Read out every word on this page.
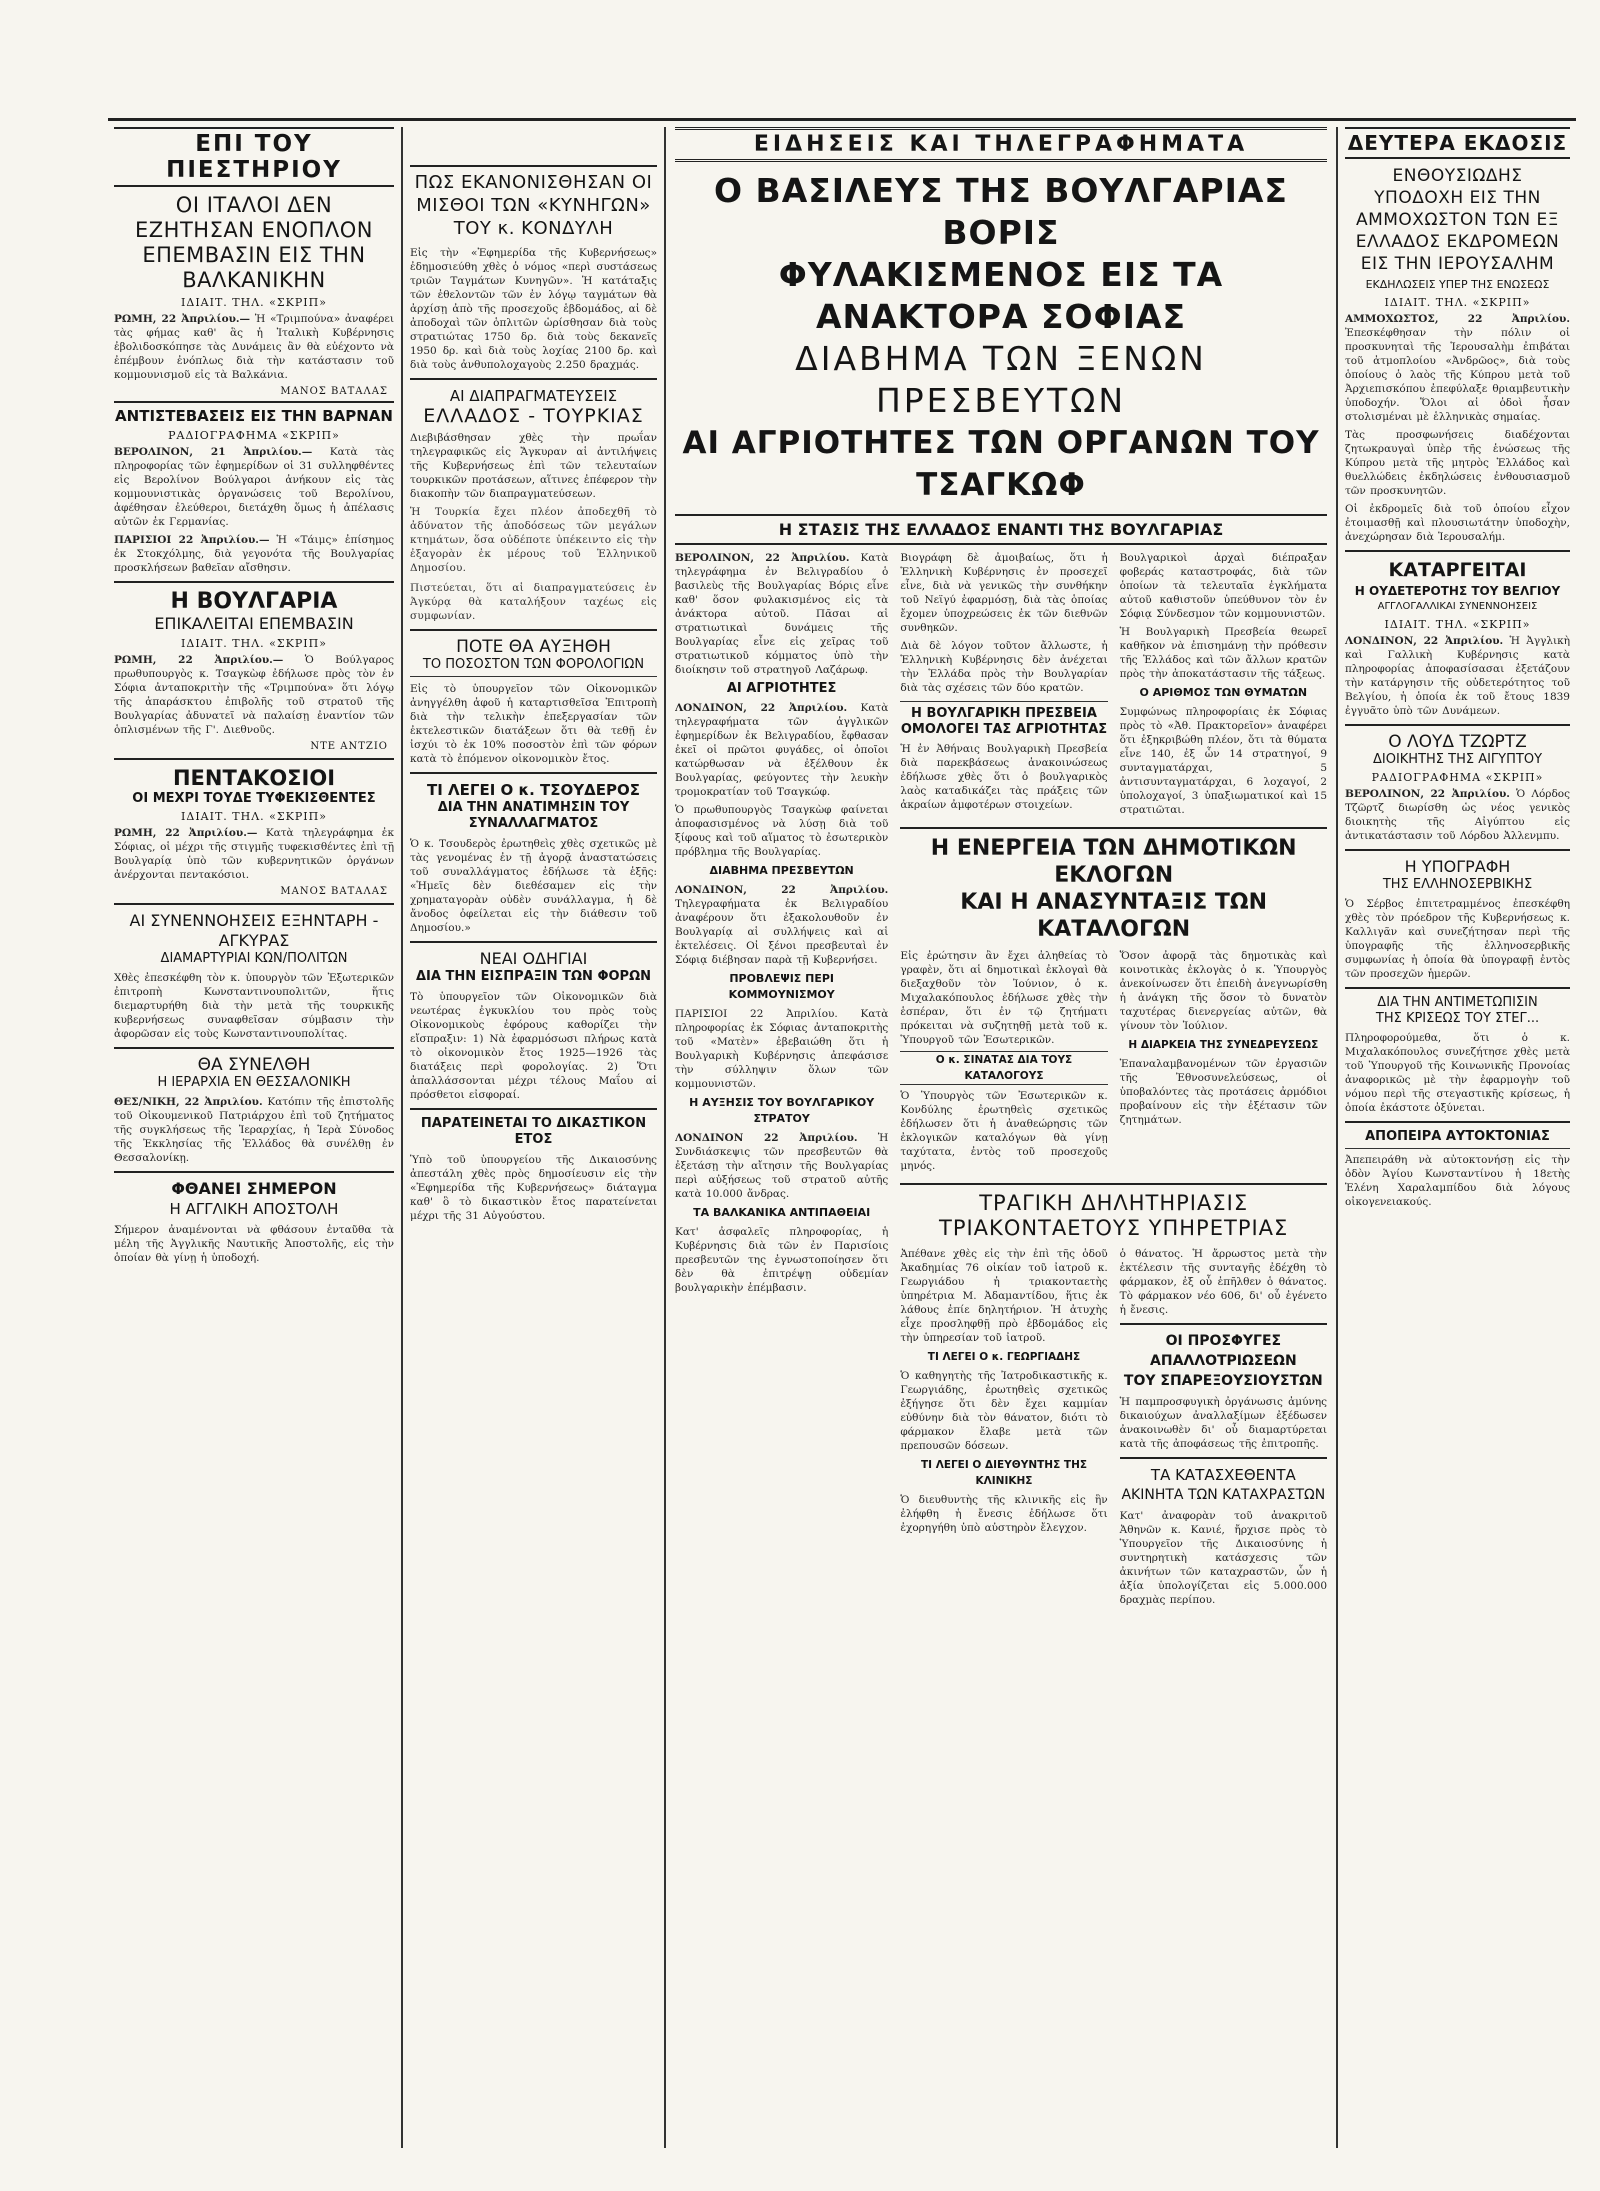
ΕΠΙ ΤΟΥ ΠΙΕΣΤΗΡΙΟΥ
ΟΙ ΙΤΑΛΟΙ ΔΕΝ ΕΖΗΤΗΣΑΝ ΕΝΟΠΛΟΝ ΕΠΕΜΒΑΣΙΝ ΕΙΣ ΤΗΝ ΒΑΛΚΑΝΙΚΗΝ
ΙΔΙΑΙΤ. ΤΗΛ. «ΣΚΡΙΠ»
ΡΩΜΗ, 22 Ἀπριλίου.— Ἡ «Τριμπούνα» ἀναφέρει τὰς φήμας καθ' ἃς ἡ Ἰταλικὴ Κυβέρνησις ἐβολιδοσκόπησε τὰς Δυνάμεις ἂν θὰ εὐέχοντο νὰ ἐπέμβουν ἐνόπλως διὰ τὴν κατάστασιν τοῦ κομμουνισμοῦ εἰς τὰ Βαλκάνια.
ΜΑΝΟΣ ΒΑΤΑΛΑΣ
ΑΝΤΙΣΤΕΒΑΣΕΙΣ ΕΙΣ ΤΗΝ ΒΑΡΝΑΝ
ΡΑΔΙΟΓΡΑΦΗΜΑ «ΣΚΡΙΠ»
ΒΕΡΟΛΙΝΟΝ, 21 Ἀπριλίου.— Κατὰ τὰς πληροφορίας τῶν ἐφημερίδων οἱ 31 συλληφθέντες εἰς Βερολίνον Βούλγαροι ἀνήκουν εἰς τὰς κομμουνιστικὰς ὀργανώσεις τοῦ Βερολίνου, ἀφέθησαν ἐλεύθεροι, διετάχθη ὅμως ἡ ἀπέλασις αὐτῶν ἐκ Γερμανίας.
ΠΑΡΙΣΙΟΙ 22 Ἀπριλίου.— Ἡ «Τάιμς» ἐπίσημος ἐκ Στοκχόλμης, διὰ γεγονότα τῆς Βουλγαρίας προσκλήσεων βαθεῖαν αἴσθησιν.
Η ΒΟΥΛΓΑΡΙΑ
ΕΠΙΚΑΛΕΙΤΑΙ ΕΠΕΜΒΑΣΙΝ
ΙΔΙΑΙΤ. ΤΗΛ. «ΣΚΡΙΠ»
ΡΩΜΗ, 22 Ἀπριλίου.— Ὁ Βούλγαρος πρωθυπουργὸς κ. Τσαγκὼφ ἐδήλωσε πρὸς τὸν ἐν Σόφια ἀνταποκριτὴν τῆς «Τριμπούνα» ὅτι λόγῳ τῆς ἀπαράσκτου ἐπιβολῆς τοῦ στρατοῦ τῆς Βουλγαρίας ἀδυνατεῖ νὰ παλαίσῃ ἐναντίον τῶν ὁπλισμένων τῆς Γ'. Διεθνοῦς.
ΝΤΕ ΑΝΤΖΙΟ
ΠΕΝΤΑΚΟΣΙΟΙ
ΟΙ ΜΕΧΡΙ ΤΟΥΔΕ ΤΥΦΕΚΙΣΘΕΝΤΕΣ
ΙΔΙΑΙΤ. ΤΗΛ. «ΣΚΡΙΠ»
ΡΩΜΗ, 22 Ἀπριλίου.— Κατὰ τηλεγράφημα ἐκ Σόφιας, οἱ μέχρι τῆς στιγμῆς τυφεκισθέντες ἐπὶ τῇ Βουλγαρίᾳ ὑπὸ τῶν κυβερνητικῶν ὀργάνων ἀνέρχονται πεντακόσιοι.
ΜΑΝΟΣ ΒΑΤΑΛΑΣ
ΑΙ ΣΥΝΕΝΝΟΗΣΕΙΣ ΕΞΗΝΤΑΡΗ - ΑΓΚΥΡΑΣ
ΔΙΑΜΑΡΤΥΡΙΑΙ ΚΩΝ/ΠΟΛΙΤΩΝ
Χθὲς ἐπεσκέφθη τὸν κ. ὑπουργὸν τῶν Ἐξωτερικῶν ἐπιτροπὴ Κωνσταντινουπολιτῶν, ἥτις διεμαρτυρήθη διὰ τὴν μετὰ τῆς τουρκικῆς κυβερνήσεως συναφθεῖσαν σύμβασιν τὴν ἀφορῶσαν εἰς τοὺς Κωνσταντινουπολίτας.
ΘΑ ΣΥΝΕΛΘΗ
Η ΙΕΡΑΡΧΙΑ ΕΝ ΘΕΣΣΑΛΟΝΙΚΗ
ΘΕΣ/ΝΙΚΗ, 22 Ἀπριλίου. Κατόπιν τῆς ἐπιστολῆς τοῦ Οἰκουμενικοῦ Πατριάρχου ἐπὶ τοῦ ζητήματος τῆς συγκλήσεως τῆς Ἱεραρχίας, ἡ Ἱερὰ Σύνοδος τῆς Ἐκκλησίας τῆς Ἑλλάδος θὰ συνέλθῃ ἐν Θεσσαλονίκῃ.
ΦΘΑΝΕΙ ΣΗΜΕΡΟΝ
Η ΑΓΓΛΙΚΗ ΑΠΟΣΤΟΛΗ
Σήμερον ἀναμένονται νὰ φθάσουν ἐνταῦθα τὰ μέλη τῆς Ἀγγλικῆς Ναυτικῆς Ἀποστολῆς, εἰς τὴν ὁποίαν θὰ γίνῃ ἡ ὑποδοχή.
ΠΩΣ ΕΚΑΝΟΝΙΣΘΗΣΑΝ ΟΙ ΜΙΣΘΟΙ ΤΩΝ «ΚΥΝΗΓΩΝ» ΤΟΥ κ. ΚΟΝΔΥΛΗ
Εἰς τὴν «Ἐφημερίδα τῆς Κυβερνήσεως» ἐδημοσιεύθη χθὲς ὁ νόμος «περὶ συστάσεως τριῶν Ταγμάτων Κυνηγῶν». Ἡ κατάταξις τῶν ἐθελοντῶν τῶν ἐν λόγῳ ταγμάτων θὰ ἀρχίσῃ ἀπὸ τῆς προσεχοῦς ἑβδομάδος, αἱ δὲ ἀποδοχαὶ τῶν ὁπλιτῶν ὡρίσθησαν διὰ τοὺς στρατιώτας 1750 δρ. διὰ τοὺς δεκανεῖς 1950 δρ. καὶ διὰ τοὺς λοχίας 2100 δρ. καὶ διὰ τοὺς ἀνθυπολοχαγοὺς 2.250 δραχμάς.
ΑΙ ΔΙΑΠΡΑΓΜΑΤΕΥΣΕΙΣ
ΕΛΛΑΔΟΣ - ΤΟΥΡΚΙΑΣ
Διεβιβάσθησαν χθὲς τὴν πρωΐαν τηλεγραφικῶς εἰς Ἄγκυραν αἱ ἀντιλήψεις τῆς Κυβερνήσεως ἐπὶ τῶν τελευταίων τουρκικῶν προτάσεων, αἵτινες ἐπέφερον τὴν διακοπὴν τῶν διαπραγματεύσεων.
Ἡ Τουρκία ἔχει πλέον ἀποδεχθῆ τὸ ἀδύνατον τῆς ἀποδόσεως τῶν μεγάλων κτημάτων, ὅσα οὐδέποτε ὑπέκειντο εἰς τὴν ἐξαγορὰν ἐκ μέρους τοῦ Ἑλληνικοῦ Δημοσίου.
Πιστεύεται, ὅτι αἱ διαπραγματεύσεις ἐν Ἀγκύρᾳ θὰ καταλήξουν ταχέως εἰς συμφωνίαν.
ΠΟΤΕ ΘΑ ΑΥΞΗΘΗ
ΤΟ ΠΟΣΟΣΤΟΝ ΤΩΝ ΦΟΡΟΛΟΓΙΩΝ
Εἰς τὸ ὑπουργεῖον τῶν Οἰκονομικῶν ἀνηγγέλθη ἀφοῦ ἡ καταρτισθεῖσα Ἐπιτροπὴ διὰ τὴν τελικὴν ἐπεξεργασίαν τῶν ἐκτελεστικῶν διατάξεων ὅτι θὰ τεθῇ ἐν ἰσχύι τὸ ἐκ 10% ποσοστὸν ἐπὶ τῶν φόρων κατὰ τὸ ἐπόμενον οἰκονομικὸν ἔτος.
ΤΙ ΛΕΓΕΙ Ο κ. ΤΣΟΥΔΕΡΟΣ
ΔΙΑ ΤΗΝ ΑΝΑΤΙΜΗΣΙΝ ΤΟΥ ΣΥΝΑΛΛΑΓΜΑΤΟΣ
Ὁ κ. Τσουδερὸς ἐρωτηθεὶς χθὲς σχετικῶς μὲ τὰς γενομένας ἐν τῇ ἀγορᾷ ἀναστατώσεις τοῦ συναλλάγματος ἐδήλωσε τὰ ἑξῆς: «Ἡμεῖς δὲν διεθέσαμεν εἰς τὴν χρηματαγορὰν οὐδὲν συνάλλαγμα, ἡ δὲ ἄνοδος ὀφείλεται εἰς τὴν διάθεσιν τοῦ Δημοσίου.»
ΝΕΑΙ ΟΔΗΓΙΑΙ
ΔΙΑ ΤΗΝ ΕΙΣΠΡΑΞΙΝ ΤΩΝ ΦΟΡΩΝ
Τὸ ὑπουργεῖον τῶν Οἰκονομικῶν διὰ νεωτέρας ἐγκυκλίου του πρὸς τοὺς Οἰκονομικοὺς ἐφόρους καθορίζει τὴν εἴσπραξιν: 1) Νὰ ἐφαρμόσωσι πλήρως κατὰ τὸ οἰκονομικὸν ἔτος 1925—1926 τὰς διατάξεις περὶ φορολογίας. 2) Ὅτι ἀπαλλάσσονται μέχρι τέλους Μαΐου αἱ πρόσθετοι εἰσφοραί.
ΠΑΡΑΤΕΙΝΕΤΑΙ ΤΟ ΔΙΚΑΣΤΙΚΟΝ ΕΤΟΣ
Ὑπὸ τοῦ ὑπουργείου τῆς Δικαιοσύνης ἀπεστάλη χθὲς πρὸς δημοσίευσιν εἰς τὴν «Ἐφημερίδα τῆς Κυβερνήσεως» διάταγμα καθ' ὃ τὸ δικαστικὸν ἔτος παρατείνεται μέχρι τῆς 31 Αὐγούστου.
ΕΙΔΗΣΕΙΣ ΚΑΙ ΤΗΛΕΓΡΑΦΗΜΑΤΑ
Ο ΒΑΣΙΛΕΥΣ ΤΗΣ ΒΟΥΛΓΑΡΙΑΣ ΒΟΡΙΣ
ΦΥΛΑΚΙΣΜΕΝΟΣ ΕΙΣ ΤΑ ΑΝΑΚΤΟΡΑ ΣΟΦΙΑΣ
ΔΙΑΒΗΜΑ ΤΩΝ ΞΕΝΩΝ ΠΡΕΣΒΕΥΤΩΝ
ΑΙ ΑΓΡΙΟΤΗΤΕΣ ΤΩΝ ΟΡΓΑΝΩΝ ΤΟΥ ΤΣΑΓΚΩΦ
Η ΣΤΑΣΙΣ ΤΗΣ ΕΛΛΑΔΟΣ ΕΝΑΝΤΙ ΤΗΣ ΒΟΥΛΓΑΡΙΑΣ
ΒΕΡΟΛΙΝΟΝ, 22 Ἀπριλίου. Κατὰ τηλεγράφημα ἐν Βελιγραδίου ὁ βασιλεὺς τῆς Βουλγαρίας Βόρις εἶνε καθ' ὅσον φυλακισμένος εἰς τὰ ἀνάκτορα αὐτοῦ. Πᾶσαι αἱ στρατιωτικαὶ δυνάμεις τῆς Βουλγαρίας εἶνε εἰς χεῖρας τοῦ στρατιωτικοῦ κόμματος ὑπὸ τὴν διοίκησιν τοῦ στρατηγοῦ Λαζάρωφ.
ΑΙ ΑΓΡΙΟΤΗΤΕΣ
ΛΟΝΔΙΝΟΝ, 22 Ἀπριλίου. Κατὰ τηλεγραφήματα τῶν ἀγγλικῶν ἐφημερίδων ἐκ Βελιγραδίου, ἔφθασαν ἐκεῖ οἱ πρῶτοι φυγάδες, οἱ ὁποῖοι κατώρθωσαν νὰ ἐξέλθουν ἐκ Βουλγαρίας, φεύγοντες τὴν λευκὴν τρομοκρατίαν τοῦ Τσαγκώφ.
Ὁ πρωθυπουργὸς Τσαγκὼφ φαίνεται ἀποφασισμένος νὰ λύσῃ διὰ τοῦ ξίφους καὶ τοῦ αἵματος τὸ ἐσωτερικὸν πρόβλημα τῆς Βουλγαρίας.
ΔΙΑΒΗΜΑ ΠΡΕΣΒΕΥΤΩΝ
ΛΟΝΔΙΝΟΝ, 22 Ἀπριλίου. Τηλεγραφήματα ἐκ Βελιγραδίου ἀναφέρουν ὅτι ἐξακολουθοῦν ἐν Βουλγαρίᾳ αἱ συλλήψεις καὶ αἱ ἐκτελέσεις. Οἱ ξένοι πρεσβευταὶ ἐν Σόφιᾳ διέβησαν παρὰ τῇ Κυβερνήσει.
ΠΡΟΒΛΕΨΙΣ ΠΕΡΙ ΚΟΜΜΟΥΝΙΣΜΟΥ
ΠΑΡΙΣΙΟΙ 22 Ἀπριλίου. Κατὰ πληροφορίας ἐκ Σόφιας ἀνταποκριτὴς τοῦ «Ματὲν» ἐβεβαιώθη ὅτι ἡ Βουλγαρικὴ Κυβέρνησις ἀπεφάσισε τὴν σύλληψιν ὅλων τῶν κομμουνιστῶν.
Η ΑΥΞΗΣΙΣ ΤΟΥ ΒΟΥΛΓΑΡΙΚΟΥ ΣΤΡΑΤΟΥ
ΛΟΝΔΙΝΟΝ 22 Ἀπριλίου. Ἡ Συνδιάσκεψις τῶν πρεσβευτῶν θὰ ἐξετάσῃ τὴν αἴτησιν τῆς Βουλγαρίας περὶ αὐξήσεως τοῦ στρατοῦ αὐτῆς κατὰ 10.000 ἄνδρας.
ΤΑ ΒΑΛΚΑΝΙΚΑ ΑΝΤΙΠΑΘΕΙΑΙ
Κατ' ἀσφαλεῖς πληροφορίας, ἡ Κυβέρνησις διὰ τῶν ἐν Παρισίοις πρεσβευτῶν της ἐγνωστοποίησεν ὅτι δὲν θὰ ἐπιτρέψῃ οὐδεμίαν βουλγαρικὴν ἐπέμβασιν.
Βιογράφη δὲ ἀμοιβαίως, ὅτι ἡ Ἑλληνικὴ Κυβέρνησις ἐν προσεχεῖ εἶνε, διὰ νὰ γενικῶς τὴν συνθήκην τοῦ Νεϊγύ ἐφαρμόσῃ, διὰ τὰς ὁποίας ἔχομεν ὑποχρεώσεις ἐκ τῶν διεθνῶν συνθηκῶν.
Διὰ δὲ λόγον τοῦτον ἄλλωστε, ἡ Ἑλληνικὴ Κυβέρνησις δὲν ἀνέχεται τὴν Ἑλλάδα πρὸς τὴν Βουλγαρίαν διὰ τὰς σχέσεις τῶν δύο κρατῶν.
Η ΒΟΥΛΓΑΡΙΚΗ ΠΡΕΣΒΕΙΑ
ΟΜΟΛΟΓΕΙ ΤΑΣ ΑΓΡΙΟΤΗΤΑΣ
Ἡ ἐν Ἀθήναις Βουλγαρικὴ Πρεσβεία διὰ παρεκβάσεως ἀνακοινώσεως ἐδήλωσε χθὲς ὅτι ὁ βουλγαρικὸς λαὸς καταδικάζει τὰς πράξεις τῶν ἀκραίων ἀμφοτέρων στοιχείων.
Βουλγαρικοὶ ἀρχαὶ διέπραξαν φοβεράς καταστροφάς, διὰ τῶν ὁποίων τὰ τελευταῖα ἐγκλήματα αὐτοῦ καθιστοῦν ὑπεύθυνον τὸν ἐν Σόφιᾳ Σύνδεσμον τῶν κομμουνιστῶν.
Ἡ Βουλγαρικὴ Πρεσβεία θεωρεῖ καθῆκον νὰ ἐπισημάνῃ τὴν πρόθεσιν τῆς Ἑλλάδος καὶ τῶν ἄλλων κρατῶν πρὸς τὴν ἀποκατάστασιν τῆς τάξεως.
Ο ΑΡΙΘΜΟΣ ΤΩΝ ΘΥΜΑΤΩΝ
Συμφώνως πληροφορίαις ἐκ Σόφιας πρὸς τὸ «Ἀθ. Πρακτορεῖον» ἀναφέρει ὅτι ἐξηκριβώθη πλέον, ὅτι τὰ θύματα εἶνε 140, ἐξ ὧν 14 στρατηγοί, 9 συνταγματάρχαι, 5 ἀντισυνταγματάρχαι, 6 λοχαγοί, 2 ὑπολοχαγοί, 3 ὑπαξιωματικοί καὶ 15 στρατιῶται.
Η ΕΝΕΡΓΕΙΑ ΤΩΝ ΔΗΜΟΤΙΚΩΝ ΕΚΛΟΓΩΝ
ΚΑΙ Η ΑΝΑΣΥΝΤΑΞΙΣ ΤΩΝ ΚΑΤΑΛΟΓΩΝ
Εἰς ἐρώτησιν ἂν ἔχει ἀληθείας τὸ γραφὲν, ὅτι αἱ δημοτικαὶ ἐκλογαὶ θὰ διεξαχθοῦν τὸν Ἰούνιον, ὁ κ. Μιχαλακόπουλος ἐδήλωσε χθὲς τὴν ἑσπέραν, ὅτι ἐν τῷ ζητήματι πρόκειται νὰ συζητηθῇ μετὰ τοῦ κ. Ὑπουργοῦ τῶν Ἐσωτερικῶν.
Ο κ. ΣΙΝΑΤΑΣ ΔΙΑ ΤΟΥΣ ΚΑΤΑΛΟΓΟΥΣ
Ὁ Ὑπουργὸς τῶν Ἐσωτερικῶν κ. Κονδύλης ἐρωτηθεὶς σχετικῶς ἐδήλωσεν ὅτι ἡ ἀναθεώρησις τῶν ἐκλογικῶν καταλόγων θὰ γίνῃ ταχύτατα, ἐντὸς τοῦ προσεχοῦς μηνός.
Ὅσον ἀφορᾷ τὰς δημοτικὰς καὶ κοινοτικὰς ἐκλογὰς ὁ κ. Ὑπουργὸς ἀνεκοίνωσεν ὅτι ἐπειδὴ ἀνεγνωρίσθη ἡ ἀνάγκη τῆς ὅσον τὸ δυνατὸν ταχυτέρας διενεργείας αὐτῶν, θὰ γίνουν τὸν Ἰούλιον.
Η ΔΙΑΡΚΕΙΑ ΤΗΣ ΣΥΝΕΔΡΕΥΣΕΩΣ
Ἐπαναλαμβανομένων τῶν ἐργασιῶν τῆς Ἐθνοσυνελεύσεως, οἱ ὑποβαλόντες τὰς προτάσεις ἀρμόδιοι προβαίνουν εἰς τὴν ἐξέτασιν τῶν ζητημάτων.
ΤΡΑΓΙΚΗ ΔΗΛΗΤΗΡΙΑΣΙΣ
ΤΡΙΑΚΟΝΤΑΕΤΟΥΣ ΥΠΗΡΕΤΡΙΑΣ
Ἀπέθανε χθὲς εἰς τὴν ἐπὶ τῆς ὁδοῦ Ἀκαδημίας 76 οἰκίαν τοῦ ἰατροῦ κ. Γεωργιάδου ἡ τριακονταετὴς ὑπηρέτρια Μ. Ἀδαμαντίδου, ἥτις ἐκ λάθους ἐπίε δηλητήριον. Ἡ ἀτυχὴς εἶχε προσληφθῇ πρὸ ἑβδομάδος εἰς τὴν ὑπηρεσίαν τοῦ ἰατροῦ.
ΤΙ ΛΕΓΕΙ Ο κ. ΓΕΩΡΓΙΑΔΗΣ
Ὁ καθηγητὴς τῆς Ἰατροδικαστικῆς κ. Γεωργιάδης, ἐρωτηθεὶς σχετικῶς ἐξήγησε ὅτι δὲν ἔχει καμμίαν εὐθύνην διὰ τὸν θάνατον, διότι τὸ φάρμακον ἔλαβε μετὰ τῶν πρεπουσῶν δόσεων.
ΤΙ ΛΕΓΕΙ Ο ΔΙΕΥΘΥΝΤΗΣ ΤΗΣ ΚΛΙΝΙΚΗΣ
Ὁ διευθυντὴς τῆς κλινικῆς εἰς ἣν ἐλήφθη ἡ ἔνεσις ἐδήλωσε ὅτι ἐχορηγήθη ὑπὸ αὐστηρὸν ἔλεγχον.
ὁ θάνατος. Ἡ ἄρρωστος μετὰ τὴν ἐκτέλεσιν τῆς συνταγῆς ἐδέχθη τὸ φάρμακον, ἐξ οὗ ἐπῆλθεν ὁ θάνατος. Τὸ φάρμακον νέο 606, δι' οὗ ἐγένετο ἡ ἔνεσις.
ΟΙ ΠΡΟΣΦΥΓΕΣ ΑΠΑΛΛΟΤΡΙΩΣΕΩΝ
ΤΟΥ ΣΠΑΡΕΞΟΥΣΙΟΥΣΤΩΝ
Ἡ παμπροσφυγικὴ ὀργάνωσις ἀμύνης δικαιούχων ἀναλλαξίμων ἐξέδωσεν ἀνακοινωθὲν δι' οὗ διαμαρτύρεται κατὰ τῆς ἀποφάσεως τῆς ἐπιτροπῆς.
ΤΑ ΚΑΤΑΣΧΕΘΕΝΤΑ
ΑΚΙΝΗΤΑ ΤΩΝ ΚΑΤΑΧΡΑΣΤΩΝ
Κατ' ἀναφορὰν τοῦ ἀνακριτοῦ Ἀθηνῶν κ. Κανιέ, ἤρχισε πρὸς τὸ Ὑπουργεῖον τῆς Δικαιοσύνης ἡ συντηρητικὴ κατάσχεσις τῶν ἀκινήτων τῶν καταχραστῶν, ὧν ἡ ἀξία ὑπολογίζεται εἰς 5.000.000 δραχμὰς περίπου.
ΔΕΥΤΕΡΑ ΕΚΔΟΣΙΣ
ΕΝΘΟΥΣΙΩΔΗΣ ΥΠΟΔΟΧΗ ΕΙΣ ΤΗΝ ΑΜΜΟΧΩΣΤΟΝ ΤΩΝ ΕΞ ΕΛΛΑΔΟΣ ΕΚΔΡΟΜΕΩΝ ΕΙΣ ΤΗΝ ΙΕΡΟΥΣΑΛΗΜ
ΕΚΔΗΛΩΣΕΙΣ ΥΠΕΡ ΤΗΣ ΕΝΩΣΕΩΣ
ΙΔΙΑΙΤ. ΤΗΛ. «ΣΚΡΙΠ»
ΑΜΜΟΧΩΣΤΟΣ, 22 Ἀπριλίου. Ἐπεσκέφθησαν τὴν πόλιν οἱ προσκυνηταὶ τῆς Ἱερουσαλὴμ ἐπιβάται τοῦ ἀτμοπλοίου «Ἀνδρῶος», διὰ τοὺς ὁποίους ὁ λαὸς τῆς Κύπρου μετὰ τοῦ Ἀρχιεπισκόπου ἐπεφύλαξε θριαμβευτικὴν ὑποδοχήν. Ὅλοι αἱ ὁδοὶ ἦσαν στολισμέναι μὲ ἑλληνικὰς σημαίας.
Τὰς προσφωνήσεις διαδέχονται ζητωκραυγαὶ ὑπὲρ τῆς ἑνώσεως τῆς Κύπρου μετὰ τῆς μητρὸς Ἑλλάδος καὶ θυελλώδεις ἐκδηλώσεις ἐνθουσιασμοῦ τῶν προσκυνητῶν.
Οἱ ἐκδρομεῖς διὰ τοῦ ὁποίου εἶχον ἐτοιμασθῇ καὶ πλουσιωτάτην ὑποδοχὴν, ἀνεχώρησαν διὰ Ἱερουσαλήμ.
ΚΑΤΑΡΓΕΙΤΑΙ
Η ΟΥΔΕΤΕΡΟΤΗΣ ΤΟΥ ΒΕΛΓΙΟΥ
ΑΓΓΛΟΓΑΛΛΙΚΑΙ ΣΥΝΕΝΝΟΗΣΕΙΣ
ΙΔΙΑΙΤ. ΤΗΛ. «ΣΚΡΙΠ»
ΛΟΝΔΙΝΟΝ, 22 Ἀπριλίου. Ἡ Ἀγγλικὴ καὶ Γαλλικὴ Κυβέρνησις κατὰ πληροφορίας ἀποφασίσασαι ἐξετάζουν τὴν κατάργησιν τῆς οὐδετερότητος τοῦ Βελγίου, ἡ ὁποία ἐκ τοῦ ἔτους 1839 ἐγγυᾶτο ὑπὸ τῶν Δυνάμεων.
Ο ΛΟΥΔ ΤΖΩΡΤΖ
ΔΙΟΙΚΗΤΗΣ ΤΗΣ ΑΙΓΥΠΤΟΥ
ΡΑΔΙΟΓΡΑΦΗΜΑ «ΣΚΡΙΠ»
ΒΕΡΟΛΙΝΟΝ, 22 Ἀπριλίου. Ὁ Λόρδος Τζῶρτζ διωρίσθη ὡς νέος γενικὸς διοικητὴς τῆς Αἰγύπτου εἰς ἀντικατάστασιν τοῦ Λόρδου Ἀλλενμπυ.
Η ΥΠΟΓΡΑΦΗ
ΤΗΣ ΕΛΛΗΝΟΣΕΡΒΙΚΗΣ
Ὁ Σέρβος ἐπιτετραμμένος ἐπεσκέφθη χθὲς τὸν πρόεδρον τῆς Κυβερνήσεως κ. Καλλιγᾶν καὶ συνεζήτησαν περὶ τῆς ὑπογραφῆς τῆς ἑλληνοσερβικῆς συμφωνίας ἡ ὁποία θὰ ὑπογραφῇ ἐντὸς τῶν προσεχῶν ἡμερῶν.
ΔΙΑ ΤΗΝ ΑΝΤΙΜΕΤΩΠΙΣΙΝ
ΤΗΣ ΚΡΙΣΕΩΣ ΤΟΥ ΣΤΕΓ...
Πληροφορούμεθα, ὅτι ὁ κ. Μιχαλακόπουλος συνεζήτησε χθὲς μετὰ τοῦ Ὑπουργοῦ τῆς Κοινωνικῆς Προνοίας ἀναφορικῶς μὲ τὴν ἐφαρμογὴν τοῦ νόμου περὶ τῆς στεγαστικῆς κρίσεως, ἡ ὁποία ἐκάστοτε ὀξύνεται.
ΑΠΟΠΕΙΡΑ ΑΥΤΟΚΤΟΝΙΑΣ
Ἀπεπειράθη νὰ αὐτοκτονήσῃ εἰς τὴν ὁδὸν Ἁγίου Κωνσταντίνου ἡ 18ετὴς Ἑλένη Χαραλαμπίδου διὰ λόγους οἰκογενειακούς.
